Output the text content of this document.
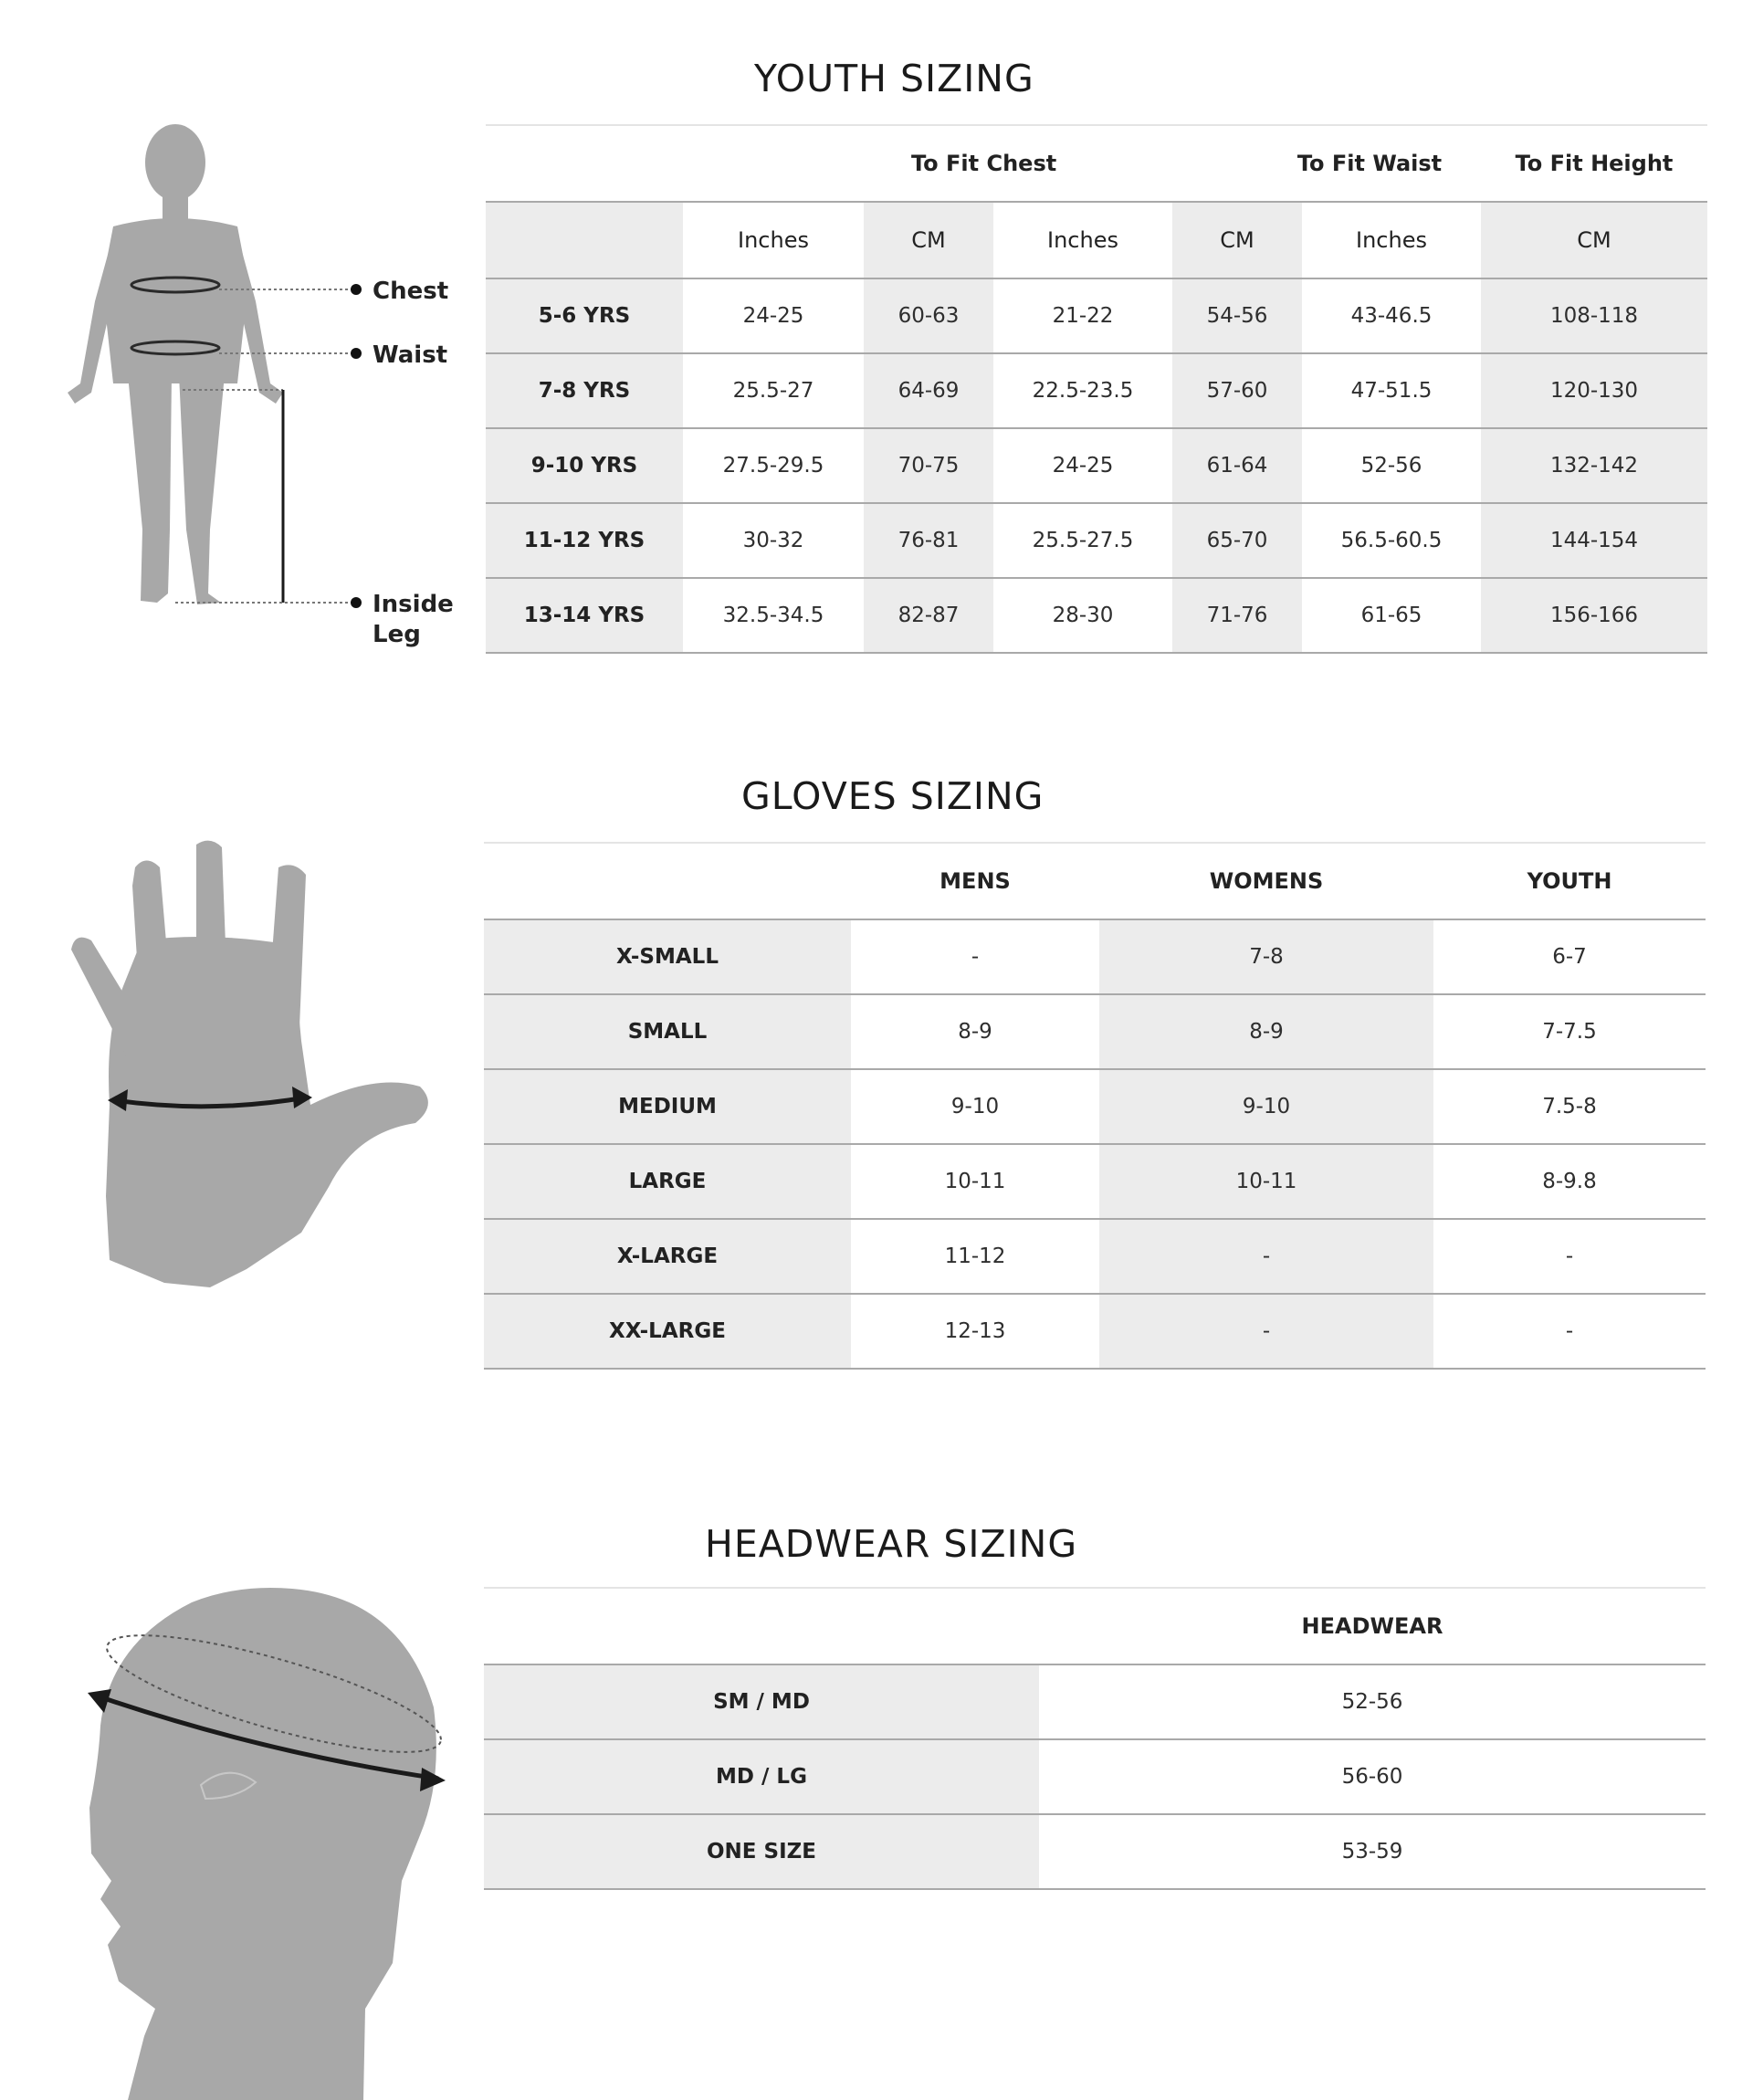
YOUTH SIZING
Chest
Waist
Inside
Leg
			To Fit Chest		To Fit Waist	To Fit Height
	Inches	CM	Inches	CM	Inches	CM
5-6 YRS	24-25	60-63	21-22	54-56	43-46.5	108-118
7-8 YRS	25.5-27	64-69	22.5-23.5	57-60	47-51.5	120-130
9-10 YRS	27.5-29.5	70-75	24-25	61-64	52-56	132-142
11-12 YRS	30-32	76-81	25.5-27.5	65-70	56.5-60.5	144-154
13-14 YRS	32.5-34.5	82-87	28-30	71-76	61-65	156-166
GLOVES SIZING
	MENS	WOMENS	YOUTH
X-SMALL	-	7-8	6-7
SMALL	8-9	8-9	7-7.5
MEDIUM	9-10	9-10	7.5-8
LARGE	10-11	10-11	8-9.8
X-LARGE	11-12	-	-
XX-LARGE	12-13	-	-
HEADWEAR SIZING
	HEADWEAR
SM / MD	52-56
MD / LG	56-60
ONE SIZE	53-59
